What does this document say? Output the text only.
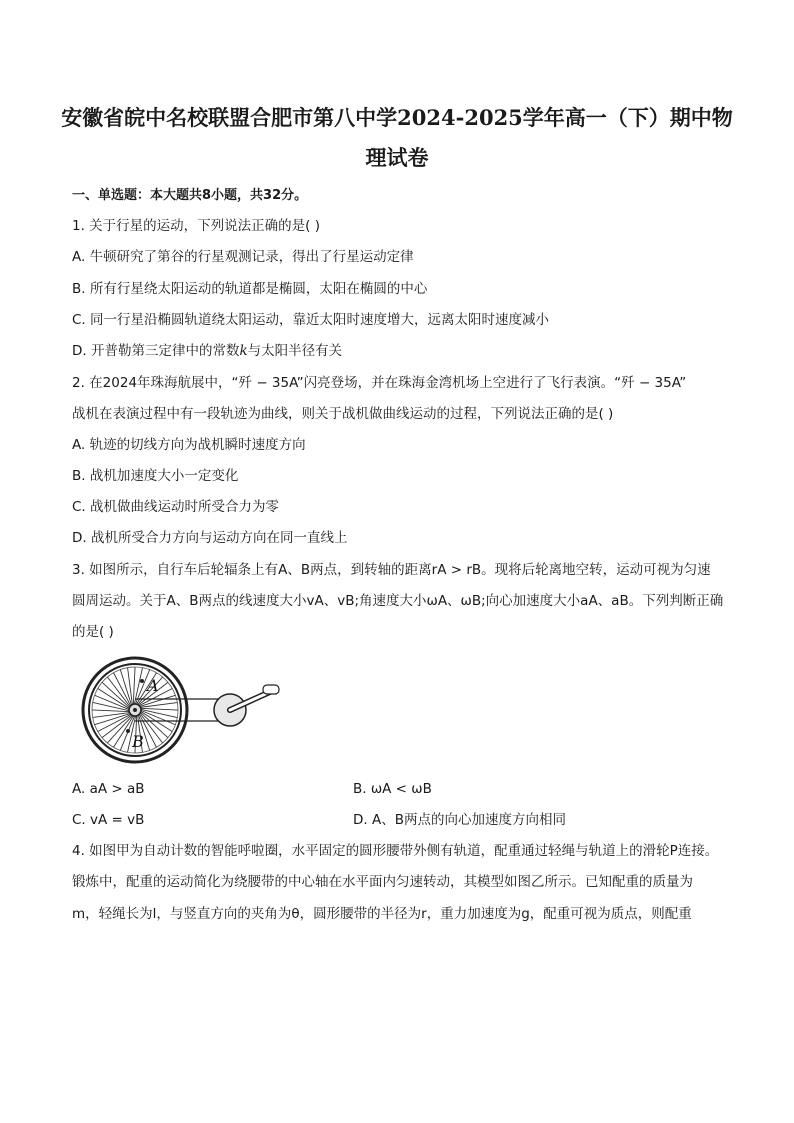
安徽省皖中名校联盟合肥市第八中学2024-2025学年高一（下）期中物
理试卷
一、单选题：本大题共8小题，共32分。
1. 关于行星的运动，下列说法正确的是( )
A. 牛顿研究了第谷的行星观测记录，得出了行星运动定律
B. 所有行星绕太阳运动的轨道都是椭圆，太阳在椭圆的中心
C. 同一行星沿椭圆轨道绕太阳运动，靠近太阳时速度增大，远离太阳时速度减小
D. 开普勒第三定律中的常数k与太阳半径有关
2. 在2024年珠海航展中，“歼 − 35A”闪亮登场，并在珠海金湾机场上空进行了飞行表演。“歼 − 35A”
战机在表演过程中有一段轨迹为曲线，则关于战机做曲线运动的过程，下列说法正确的是( )
A. 轨迹的切线方向为战机瞬时速度方向
B. 战机加速度大小一定变化
C. 战机做曲线运动时所受合力为零
D. 战机所受合力方向与运动方向在同一直线上
3. 如图所示，自行车后轮辐条上有A、B两点，到转轴的距离rA > rB。现将后轮离地空转，运动可视为匀速
圆周运动。关于A、B两点的线速度大小vA、vB;角速度大小ωA、ωB;向心加速度大小aA、aB。下列判断正确
的是( )
A
B
A. aA > aB	B. ωA < ωB
C. vA = vB	D. A、B两点的向心加速度方向相同
4. 如图甲为自动计数的智能呼啦圈，水平固定的圆形腰带外侧有轨道，配重通过轻绳与轨道上的滑轮P连接。
锻炼中，配重的运动简化为绕腰带的中心轴在水平面内匀速转动，其模型如图乙所示。已知配重的质量为
m，轻绳长为l，与竖直方向的夹角为θ，圆形腰带的半径为r，重力加速度为g，配重可视为质点，则配重
